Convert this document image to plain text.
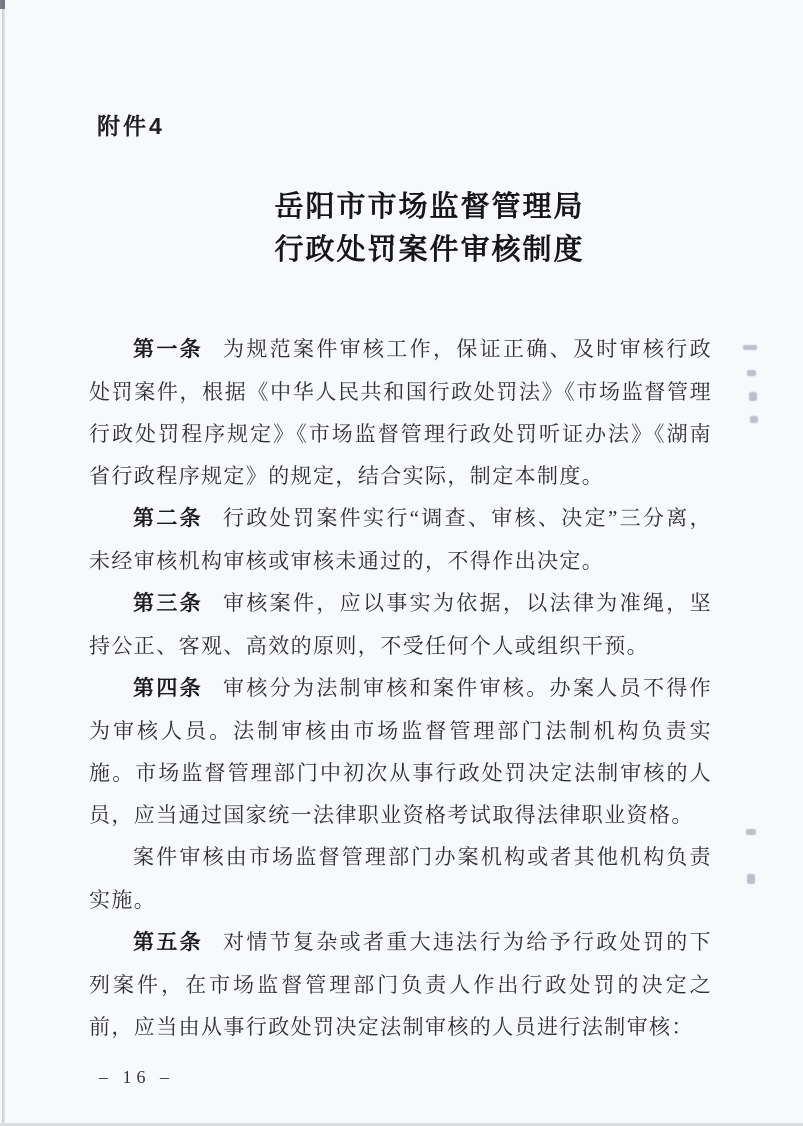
附件4
岳阳市市场监督管理局
行政处罚案件审核制度

第一条 为规范案件审核工作，保证正确、及时审核行政处罚案件，根据《中华人民共和国行政处罚法》《市场监督管理行政处罚程序规定》《市场监督管理行政处罚听证办法》《湖南省行政程序规定》的规定，结合实际，制定本制度。

第二条 行政处罚案件实行“调查、审核、决定”三分离，未经审核机构审核或审核未通过的，不得作出决定。

第三条 审核案件，应以事实为依据，以法律为准绳，坚持公正、客观、高效的原则，不受任何个人或组织干预。

第四条 审核分为法制审核和案件审核。办案人员不得作为审核人员。法制审核由市场监督管理部门法制机构负责实施。市场监督管理部门中初次从事行政处罚决定法制审核的人员，应当通过国家统一法律职业资格考试取得法律职业资格。

案件审核由市场监督管理部门办案机构或者其他机构负责实施。

第五条 对情节复杂或者重大违法行为给予行政处罚的下列案件，在市场监督管理部门负责人作出行政处罚的决定之前，应当由从事行政处罚决定法制审核的人员进行法制审核：

– 16 –
